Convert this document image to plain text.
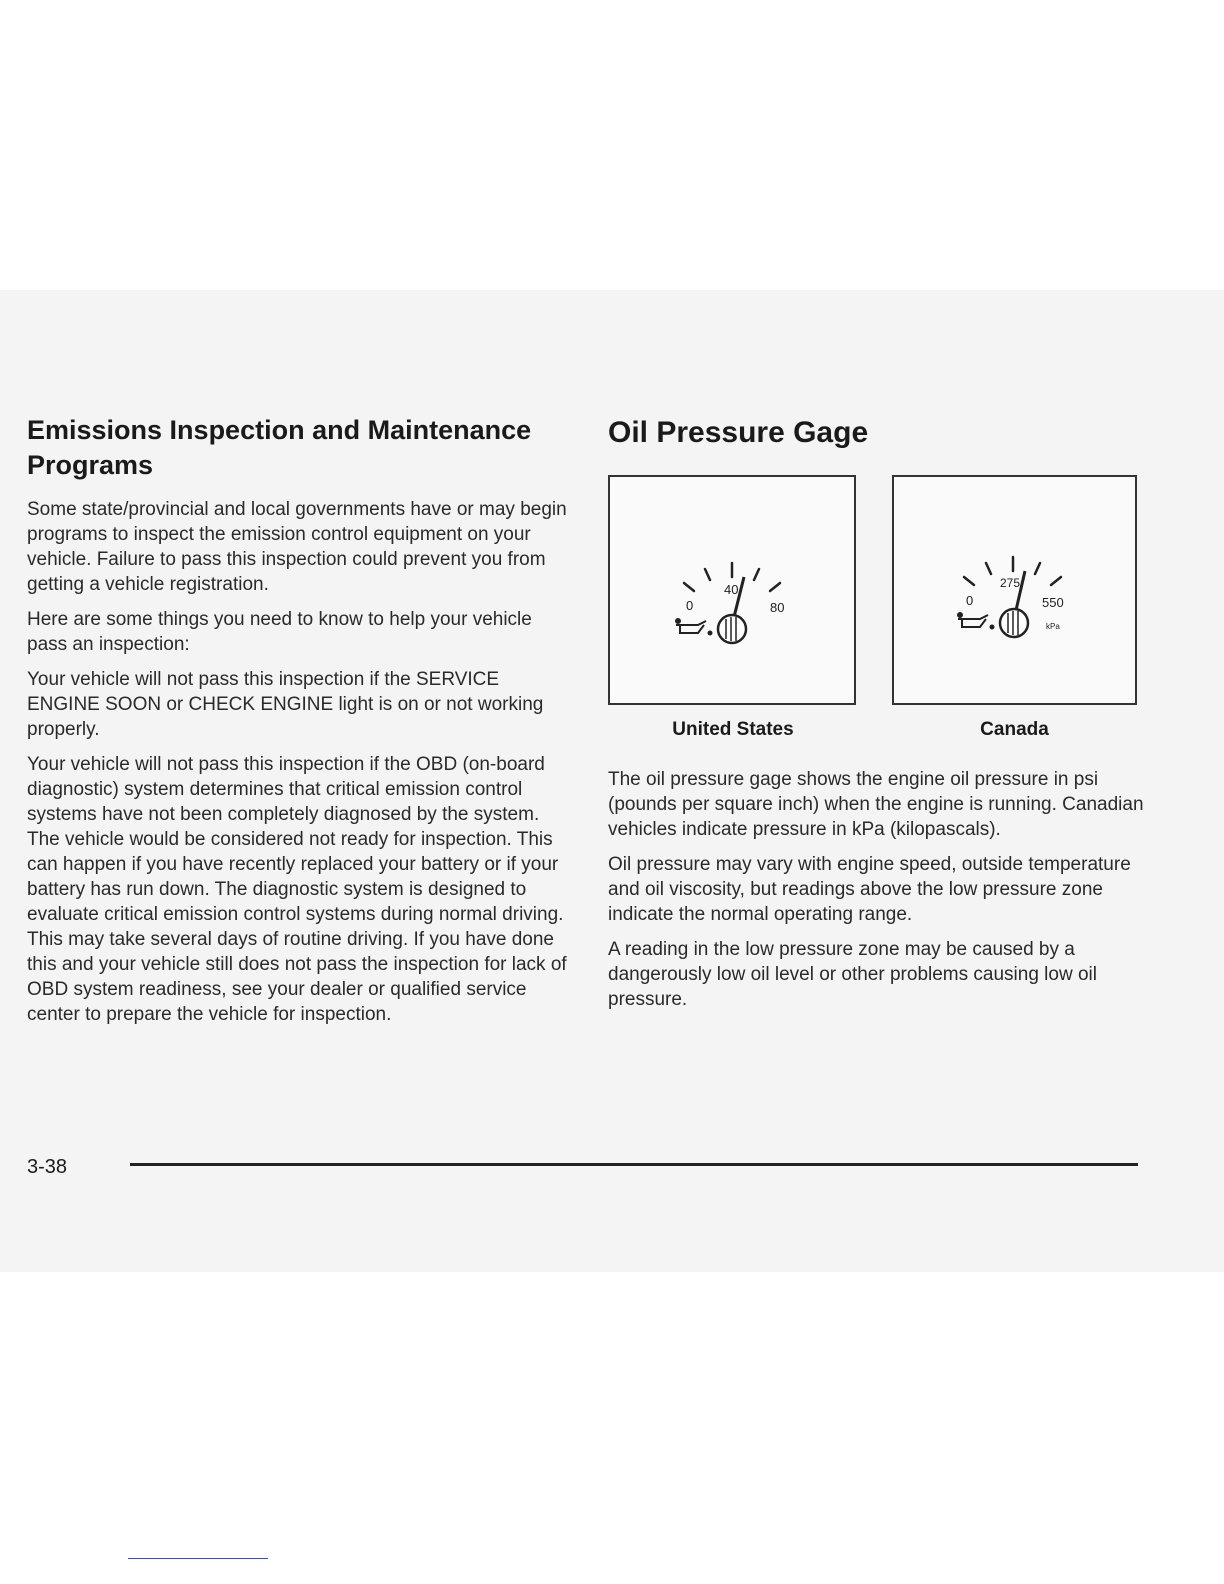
Emissions Inspection and Maintenance Programs

Some state/provincial and local governments have or may begin programs to inspect the emission control equipment on your vehicle. Failure to pass this inspection could prevent you from getting a vehicle registration.

Here are some things you need to know to help your vehicle pass an inspection:

Your vehicle will not pass this inspection if the SERVICE ENGINE SOON or CHECK ENGINE light is on or not working properly.

Your vehicle will not pass this inspection if the OBD (on-board diagnostic) system determines that critical emission control systems have not been completely diagnosed by the system. The vehicle would be considered not ready for inspection. This can happen if you have recently replaced your battery or if your battery has run down. The diagnostic system is designed to evaluate critical emission control systems during normal driving. This may take several days of routine driving. If you have done this and your vehicle still does not pass the inspection for lack of OBD system readiness, see your dealer or qualified service center to prepare the vehicle for inspection.

Oil Pressure Gage
0
40
80	0
275
550
kPa
United States	Canada

The oil pressure gage shows the engine oil pressure in psi (pounds per square inch) when the engine is running. Canadian vehicles indicate pressure in kPa (kilopascals).

Oil pressure may vary with engine speed, outside temperature and oil viscosity, but readings above the low pressure zone indicate the normal operating range.

A reading in the low pressure zone may be caused by a dangerously low oil level or other problems causing low oil pressure.

3-38
